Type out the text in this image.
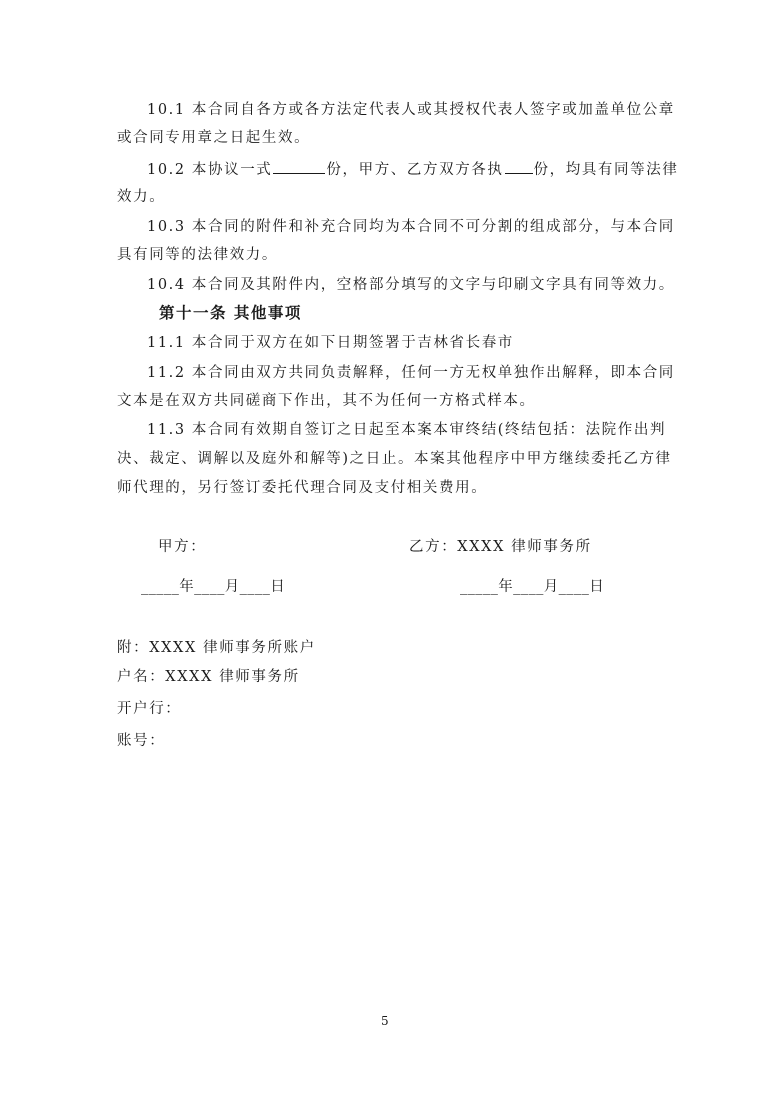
10.1 本合同自各方或各方法定代表人或其授权代表人签字或加盖单位公章
或合同专用章之日起生效。
10.2 本协议一式	份，甲方、乙方双方各执 份，均具有同等法律
效力。
10.3 本合同的附件和补充合同均为本合同不可分割的组成部分，与本合同
具有同等的法律效力。
10.4 本合同及其附件内，空格部分填写的文字与印刷文字具有同等效力。
第十一条 其他事项
11.1 本合同于双方在如下日期签署于吉林省长春市
11.2 本合同由双方共同负责解释，任何一方无权单独作出解释，即本合同
文本是在双方共同磋商下作出，其不为任何一方格式样本。
11.3 本合同有效期自签订之日起至本案本审终结(终结包括：法院作出判
决、裁定、调解以及庭外和解等)之日止。本案其他程序中甲方继续委托乙方律
师代理的，另行签订委托代理合同及支付相关费用。
甲方：	乙方：XXXX 律师事务所
_____年____月____日	_____年____月____日
附：XXXX 律师事务所账户
户名：XXXX 律师事务所
开户行：
账号：
5
